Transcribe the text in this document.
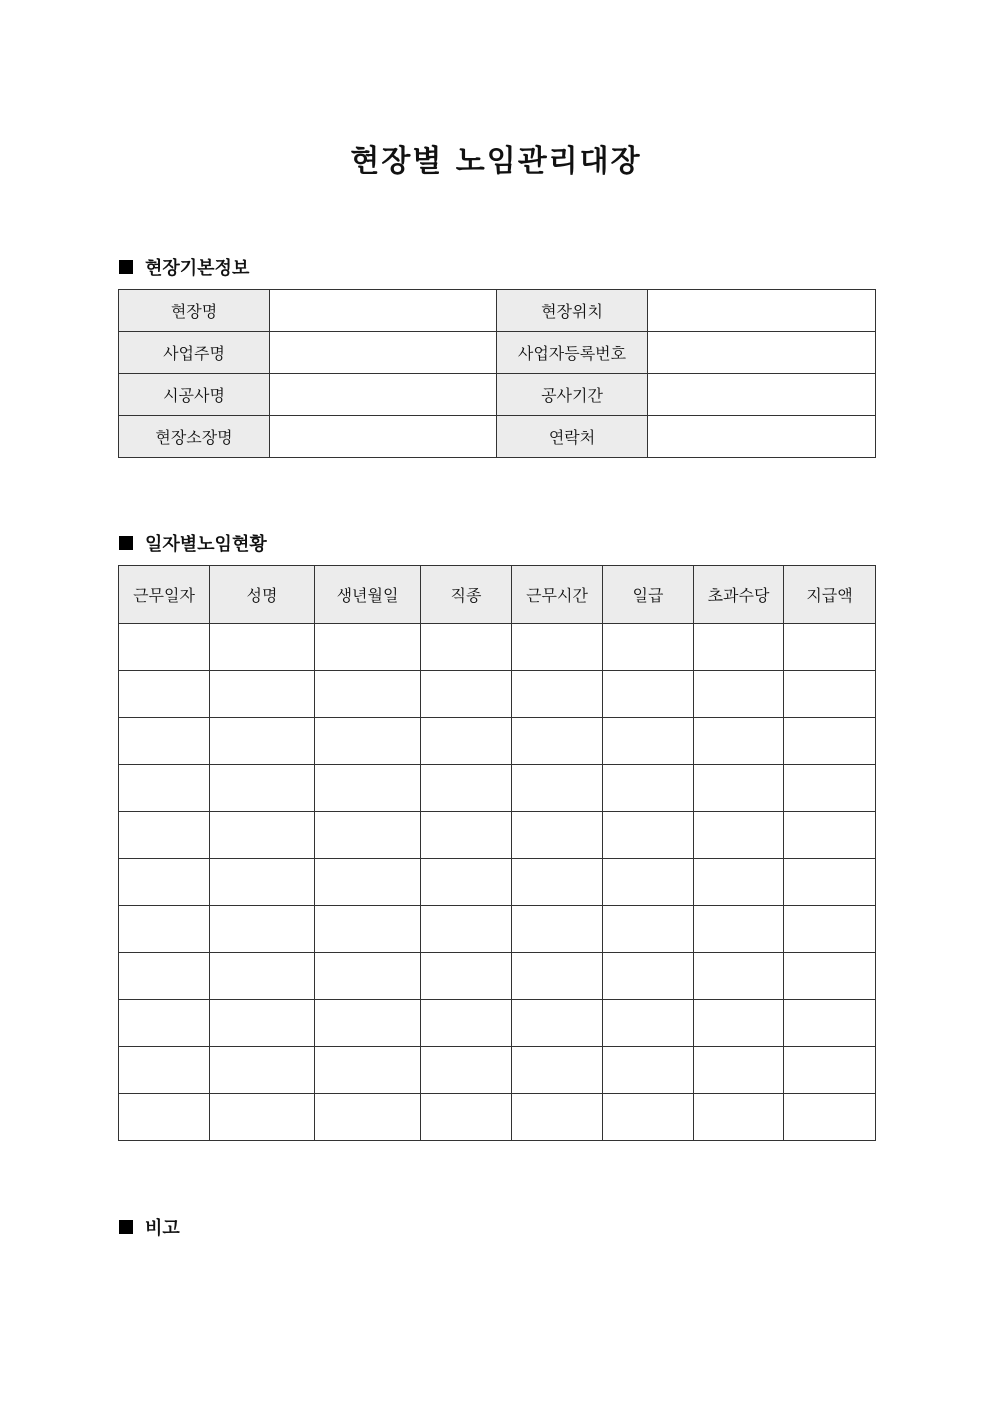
현장별 노임관리대장
현장기본정보
현장명		현장위치	
사업주명		사업자등록번호	
시공사명		공사기간	
현장소장명		연락처	
일자별노임현황
근무일자	성명	생년월일	직종	근무시간	일급	초과수당	지급액

비고
